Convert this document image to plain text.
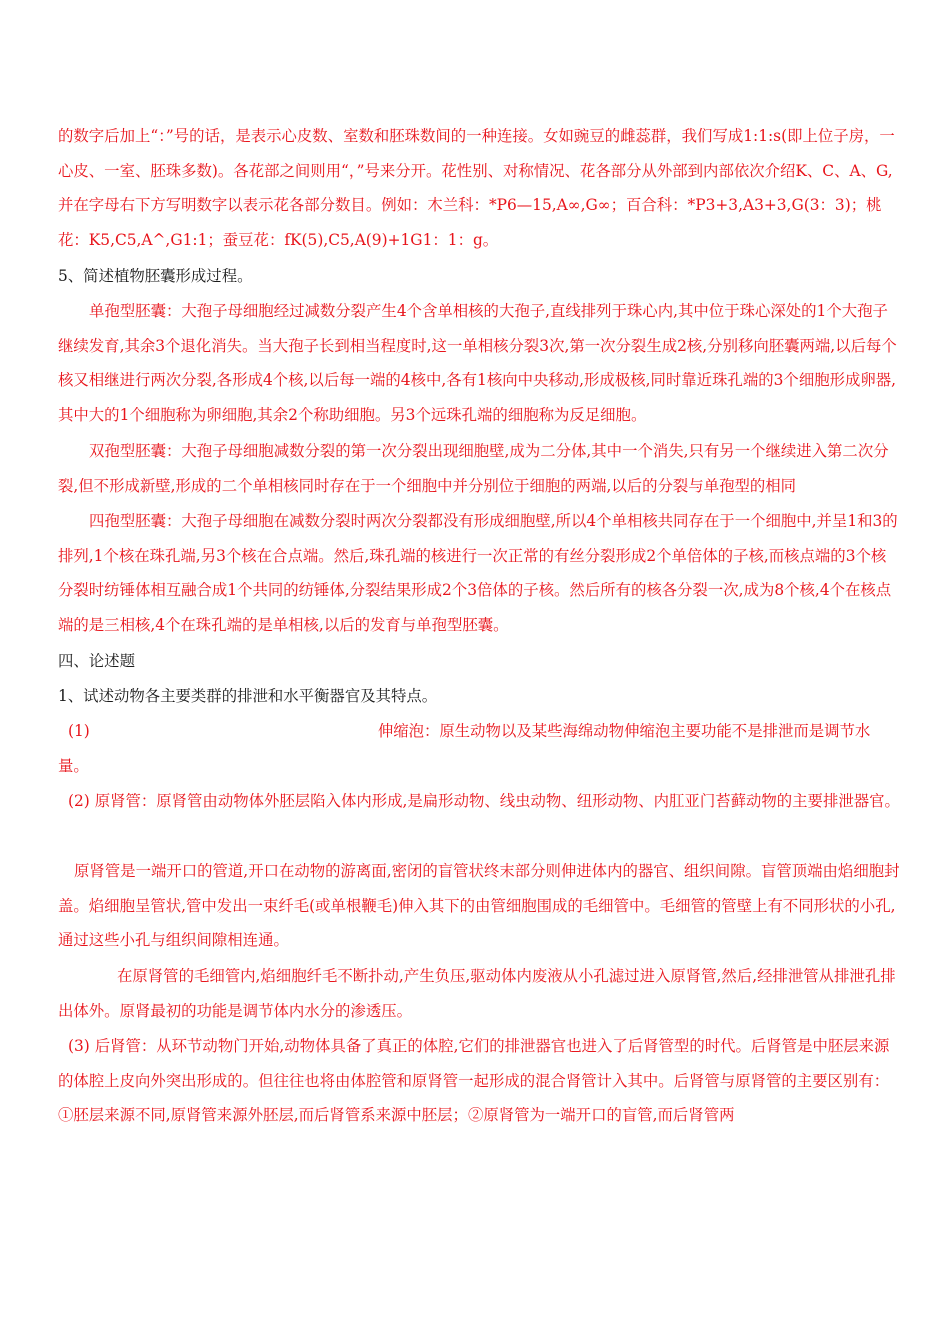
的数字后加上“：”号的话，是表示心皮数、室数和胚珠数间的一种连接。女如豌豆的雌蕊群，我们写成1:1:s(即上位子房，一心皮、一室、胚珠多数)。各花部之间则用“，”号来分开。花性别、对称情况、花各部分从外部到内部依次介绍K、C、A、G,并在字母右下方写明数字以表示花各部分数目。例如：木兰科：*P6—15,A∞,G∞；百合科：*P3+3,A3+3,G(3：3)；桃花：K5,C5,A^,G1:1；蚕豆花：fK(5),C5,A(9)+1G1：1：g。

5、简述植物胚囊形成过程。

单孢型胚囊：大孢子母细胞经过减数分裂产生4个含单相核的大孢子,直线排列于珠心内,其中位于珠心深处的1个大孢子继续发育,其余3个退化消失。当大孢子长到相当程度时,这一单相核分裂3次,第一次分裂生成2核,分别移向胚囊两端,以后每个核又相继进行两次分裂,各形成4个核,以后每一端的4核中,各有1核向中央移动,形成极核,同时靠近珠孔端的3个细胞形成卵器,其中大的1个细胞称为卵细胞,其余2个称助细胞。另3个远珠孔端的细胞称为反足细胞。

双孢型胚囊：大孢子母细胞减数分裂的第一次分裂出现细胞壁,成为二分体,其中一个消失,只有另一个继续进入第二次分裂,但不形成新壁,形成的二个单相核同时存在于一个细胞中并分别位于细胞的两端,以后的分裂与单孢型的相同

四孢型胚囊：大孢子母细胞在减数分裂时两次分裂都没有形成细胞壁,所以4个单相核共同存在于一个细胞中,并呈1和3的排列,1个核在珠孔端,另3个核在合点端。然后,珠孔端的核进行一次正常的有丝分裂形成2个单倍体的子核,而核点端的3个核分裂时纺锤体相互融合成1个共同的纺锤体,分裂结果形成2个3倍体的子核。然后所有的核各分裂一次,成为8个核,4个在核点端的是三相核,4个在珠孔端的是单相核,以后的发育与单孢型胚囊。

四、论述题

1、试述动物各主要类群的排泄和水平衡器官及其特点。

(1)	伸缩泡：原生动物以及某些海绵动物伸缩泡主要功能不是排泄而是调节水量。

(2) 原肾管：原肾管由动物体外胚层陷入体内形成,是扁形动物、线虫动物、纽形动物、内肛亚门苔藓动物的主要排泄器官。

原肾管是一端开口的管道,开口在动物的游离面,密闭的盲管状终末部分则伸进体内的器官、组织间隙。盲管顶端由焰细胞封盖。焰细胞呈管状,管中发出一束纤毛(或单根鞭毛)伸入其下的由管细胞围成的毛细管中。毛细管的管壁上有不同形状的小孔,通过这些小孔与组织间隙相连通。

在原肾管的毛细管内,焰细胞纤毛不断扑动,产生负压,驱动体内废液从小孔滤过进入原肾管,然后,经排泄管从排泄孔排出体外。原肾最初的功能是调节体内水分的渗透压。

(3) 后肾管：从环节动物门开始,动物体具备了真正的体腔,它们的排泄器官也进入了后肾管型的时代。后肾管是中胚层来源的体腔上皮向外突出形成的。但往往也将由体腔管和原肾管一起形成的混合肾管计入其中。后肾管与原肾管的主要区别有：①胚层来源不同,原肾管来源外胚层,而后肾管系来源中胚层；②原肾管为一端开口的盲管,而后肾管两
